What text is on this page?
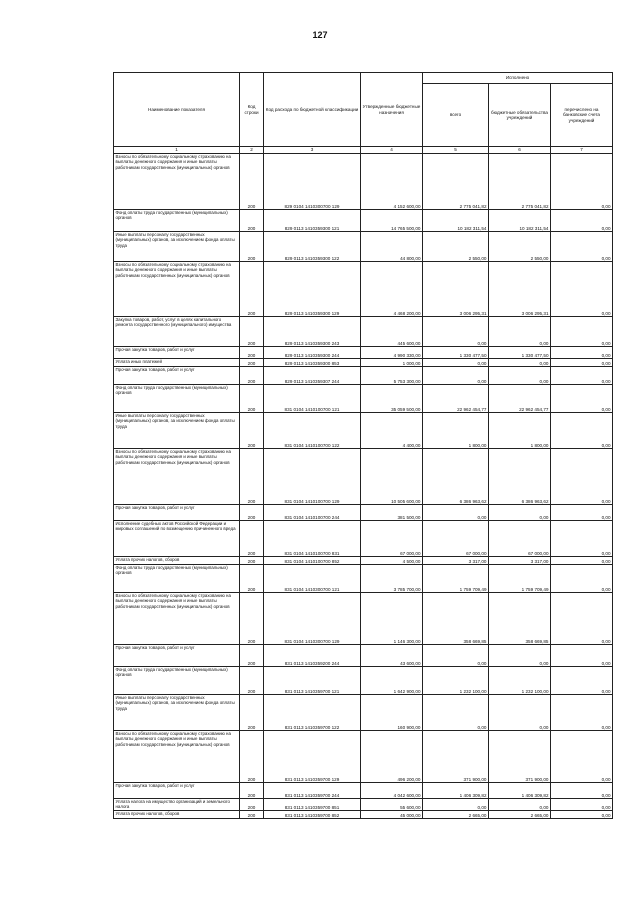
127
Наименование показателя	Код строки	Код расхода по бюджетной классификации	Утвержденные бюджетные назначения	Исполнено		
				всего	бюджетные обязательства учреждений	перечислено на банковские счета учреждений
1	2	3	4	5	6	7
Взносы по обязательному социальному страхованию на выплаты денежного содержания и иные выплаты работникам государственных (муниципальных) органов	200	829 0104 1410300700 129	4 152 600,00	2 775 041,82	2 775 041,82	0,00
Фонд оплаты труда государственных (муниципальных) органов	200	829 0113 1410359300 121	14 765 500,00	10 182 311,54	10 182 311,54	0,00
Иные выплаты персоналу государственных (муниципальных) органов, за исключением фонда оплаты труда	200	829 0113 1410359300 122	44 800,00	2 550,00	2 550,00	0,00
Взносы по обязательному социальному страхованию на выплаты денежного содержания и иные выплаты работникам государственных (муниципальных) органов	200	829 0113 1410359300 129	4 468 200,00	3 006 295,31	3 006 295,31	0,00
Закупка товаров, работ, услуг в целях капитального ремонта государственного (муниципального) имущества	200	829 0113 1410359300 243	445 600,00	0,00	0,00	0,00
Прочая закупка товаров, работ и услуг	200	829 0113 1410359300 244	4 990 330,00	1 330 477,50	1 330 477,50	0,00
Уплата иных платежей	200	829 0113 1410359300 853	1 000,00	0,00	0,00	0,00
Прочая закупка товаров, работ и услуг	200	829 0113 1410359307 244	5 753 300,00	0,00	0,00	0,00
Фонд оплаты труда государственных (муниципальных) органов	200	831 0104 1410100700 121	35 059 500,00	22 962 454,77	22 962 454,77	0,00
Иные выплаты персоналу государственных (муниципальных) органов, за исключением фонда оплаты труда	200	831 0104 1410100700 122	4 400,00	1 800,00	1 800,00	0,00
Взносы по обязательному социальному страхованию на выплаты денежного содержания и иные выплаты работникам государственных (муниципальных) органов	200	831 0104 1410100700 129	10 505 600,00	6 386 963,62	6 386 963,62	0,00
Прочая закупка товаров, работ и услуг	200	831 0104 1410100700 244	381 500,00	0,00	0,00	0,00
Исполнение судебных актов Российской Федерации и мировых соглашений по возмещению причиненного вреда	200	831 0104 1410100700 831	67 000,00	67 000,00	67 000,00	0,00
Уплата прочих налогов, сборов	200	831 0104 1410100700 852	4 500,00	3 317,00	3 317,00	0,00
Фонд оплаты труда государственных (муниципальных) органов	200	831 0104 1410300700 121	3 785 700,00	1 759 709,49	1 759 709,49	0,00
Взносы по обязательному социальному страхованию на выплаты денежного содержания и иные выплаты работникам государственных (муниципальных) органов	200	831 0104 1410300700 129	1 146 300,00	358 669,85	358 669,85	0,00
Прочая закупка товаров, работ и услуг	200	831 0113 1410359200 244	43 600,00	0,00	0,00	0,00
Фонд оплаты труда государственных (муниципальных) органов	200	831 0113 1410359700 121	1 642 900,00	1 232 100,00	1 232 100,00	0,00
Иные выплаты персоналу государственных (муниципальных) органов, за исключением фонда оплаты труда	200	831 0113 1410359700 122	160 900,00	0,00	0,00	0,00
Взносы по обязательному социальному страхованию на выплаты денежного содержания и иные выплаты работникам государственных (муниципальных) органов	200	831 0113 1410359700 129	496 200,00	371 900,00	371 900,00	0,00
Прочая закупка товаров, работ и услуг	200	831 0113 1410359700 244	4 042 600,00	1 406 309,82	1 406 309,82	0,00
Уплата налога на имущество организаций и земельного налога	200	831 0113 1410359700 851	55 600,00	0,00	0,00	0,00
Уплата прочих налогов, сборов	200	831 0113 1410359700 852	45 000,00	2 665,00	2 665,00	0,00
